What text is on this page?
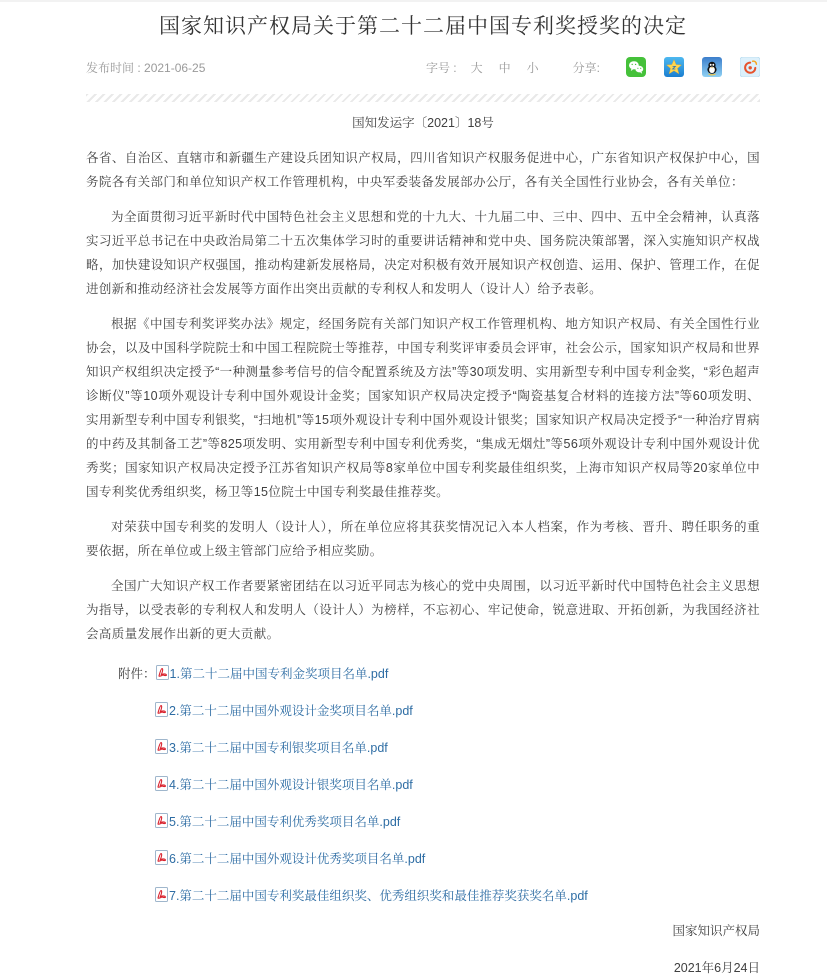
国家知识产权局关于第二十二届中国专利奖授奖的决定
发布时间 : 2021-06-25	字号 : 大 中 小	分享:
国知发运字〔2021〕18号

各省、自治区、直辖市和新疆生产建设兵团知识产权局，四川省知识产权服务促进中心，广东省知识产权保护中心，国务院各有关部门和单位知识产权工作管理机构，中央军委装备发展部办公厅，各有关全国性行业协会，各有关单位：

为全面贯彻习近平新时代中国特色社会主义思想和党的十九大、十九届二中、三中、四中、五中全会精神，认真落实习近平总书记在中央政治局第二十五次集体学习时的重要讲话精神和党中央、国务院决策部署，深入实施知识产权战略，加快建设知识产权强国，推动构建新发展格局，决定对积极有效开展知识产权创造、运用、保护、管理工作，在促进创新和推动经济社会发展等方面作出突出贡献的专利权人和发明人（设计人）给予表彰。

根据《中国专利奖评奖办法》规定，经国务院有关部门知识产权工作管理机构、地方知识产权局、有关全国性行业协会，以及中国科学院院士和中国工程院院士等推荐，中国专利奖评审委员会评审，社会公示，国家知识产权局和世界知识产权组织决定授予“一种测量参考信号的信令配置系统及方法”等30项发明、实用新型专利中国专利金奖，“彩色超声诊断仪”等10项外观设计专利中国外观设计金奖；国家知识产权局决定授予“陶瓷基复合材料的连接方法”等60项发明、实用新型专利中国专利银奖，“扫地机”等15项外观设计专利中国外观设计银奖；国家知识产权局决定授予“一种治疗胃病的中药及其制备工艺”等825项发明、实用新型专利中国专利优秀奖，“集成无烟灶”等56项外观设计专利中国外观设计优秀奖；国家知识产权局决定授予江苏省知识产权局等8家单位中国专利奖最佳组织奖，上海市知识产权局等20家单位中国专利奖优秀组织奖，杨卫等15位院士中国专利奖最佳推荐奖。

对荣获中国专利奖的发明人（设计人），所在单位应将其获奖情况记入本人档案，作为考核、晋升、聘任职务的重要依据，所在单位或上级主管部门应给予相应奖励。

全国广大知识产权工作者要紧密团结在以习近平同志为核心的党中央周围，以习近平新时代中国特色社会主义思想为指导，以受表彰的专利权人和发明人（设计人）为榜样，不忘初心、牢记使命，锐意进取、开拓创新，为我国经济社会高质量发展作出新的更大贡献。

附件： 1.第二十二届中国专利金奖项目名单.pdf
2.第二十二届中国外观设计金奖项目名单.pdf
3.第二十二届中国专利银奖项目名单.pdf
4.第二十二届中国外观设计银奖项目名单.pdf
5.第二十二届中国专利优秀奖项目名单.pdf
6.第二十二届中国外观设计优秀奖项目名单.pdf
7.第二十二届中国专利奖最佳组织奖、优秀组织奖和最佳推荐奖获奖名单.pdf
国家知识产权局
2021年6月24日
